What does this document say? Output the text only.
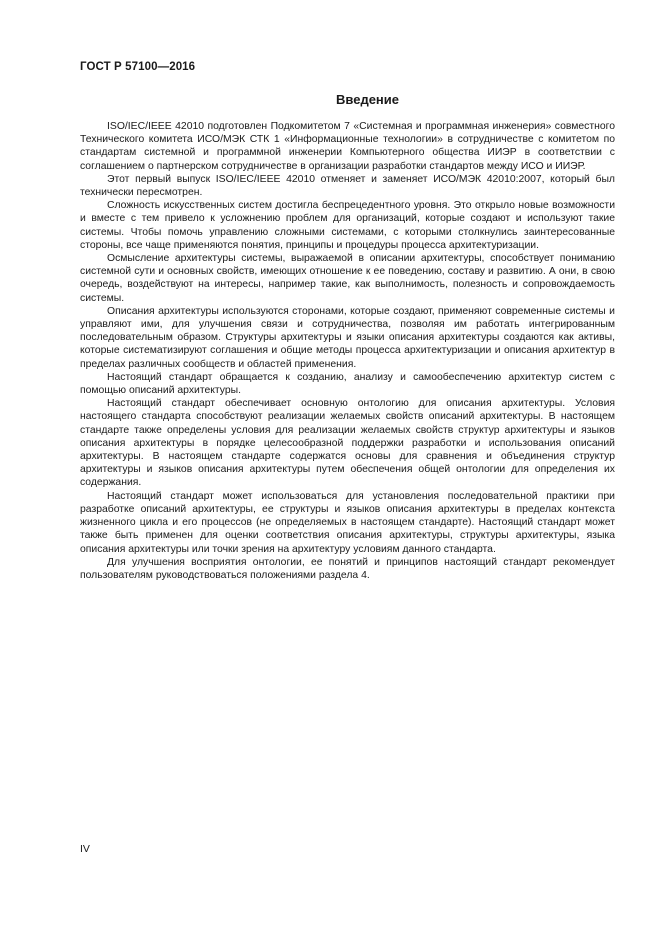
ГОСТ Р 57100—2016
Введение

ISO/IEC/IEEE 42010 подготовлен Подкомитетом 7 «Системная и программная инженерия» совместного Технического комитета ИСО/МЭК СТК 1 «Информационные технологии» в сотрудничестве с комитетом по стандартам системной и программной инженерии Компьютерного общества ИИЭР в соответствии с соглашением о партнерском сотрудничестве в организации разработки стандартов между ИСО и ИИЭР.

Этот первый выпуск ISO/IEC/IEEE 42010 отменяет и заменяет ИСО/МЭК 42010:2007, который был технически пересмотрен.

Сложность искусственных систем достигла беспрецедентного уровня. Это открыло новые возможности и вместе с тем привело к усложнению проблем для организаций, которые создают и используют такие системы. Чтобы помочь управлению сложными системами, с которыми столкнулись заинтересованные стороны, все чаще применяются понятия, принципы и процедуры процесса архитектуризации.

Осмысление архитектуры системы, выражаемой в описании архитектуры, способствует пониманию системной сути и основных свойств, имеющих отношение к ее поведению, составу и развитию. А они, в свою очередь, воздействуют на интересы, например такие, как выполнимость, полезность и сопровождаемость системы.

Описания архитектуры используются сторонами, которые создают, применяют современные системы и управляют ими, для улучшения связи и сотрудничества, позволяя им работать интегрированным последовательным образом. Структуры архитектуры и языки описания архитектуры создаются как активы, которые систематизируют соглашения и общие методы процесса архитектуризации и описания архитектур в пределах различных сообществ и областей применения.

Настоящий стандарт обращается к созданию, анализу и самообеспечению архитектур систем с помощью описаний архитектуры.

Настоящий стандарт обеспечивает основную онтологию для описания архитектуры. Условия настоящего стандарта способствуют реализации желаемых свойств описаний архитектуры. В настоящем стандарте также определены условия для реализации желаемых свойств структур архитектуры и языков описания архитектуры в порядке целесообразной поддержки разработки и использования описаний архитектуры. В настоящем стандарте содержатся основы для сравнения и объединения структур архитектуры и языков описания архитектуры путем обеспечения общей онтологии для определения их содержания.

Настоящий стандарт может использоваться для установления последовательной практики при разработке описаний архитектуры, ее структуры и языков описания архитектуры в пределах контекста жизненного цикла и его процессов (не определяемых в настоящем стандарте). Настоящий стандарт может также быть применен для оценки соответствия описания архитектуры, структуры архитектуры, языка описания архитектуры или точки зрения на архитектуру условиям данного стандарта.

Для улучшения восприятия онтологии, ее понятий и принципов настоящий стандарт рекомендует пользователям руководствоваться положениями раздела 4.

IV
